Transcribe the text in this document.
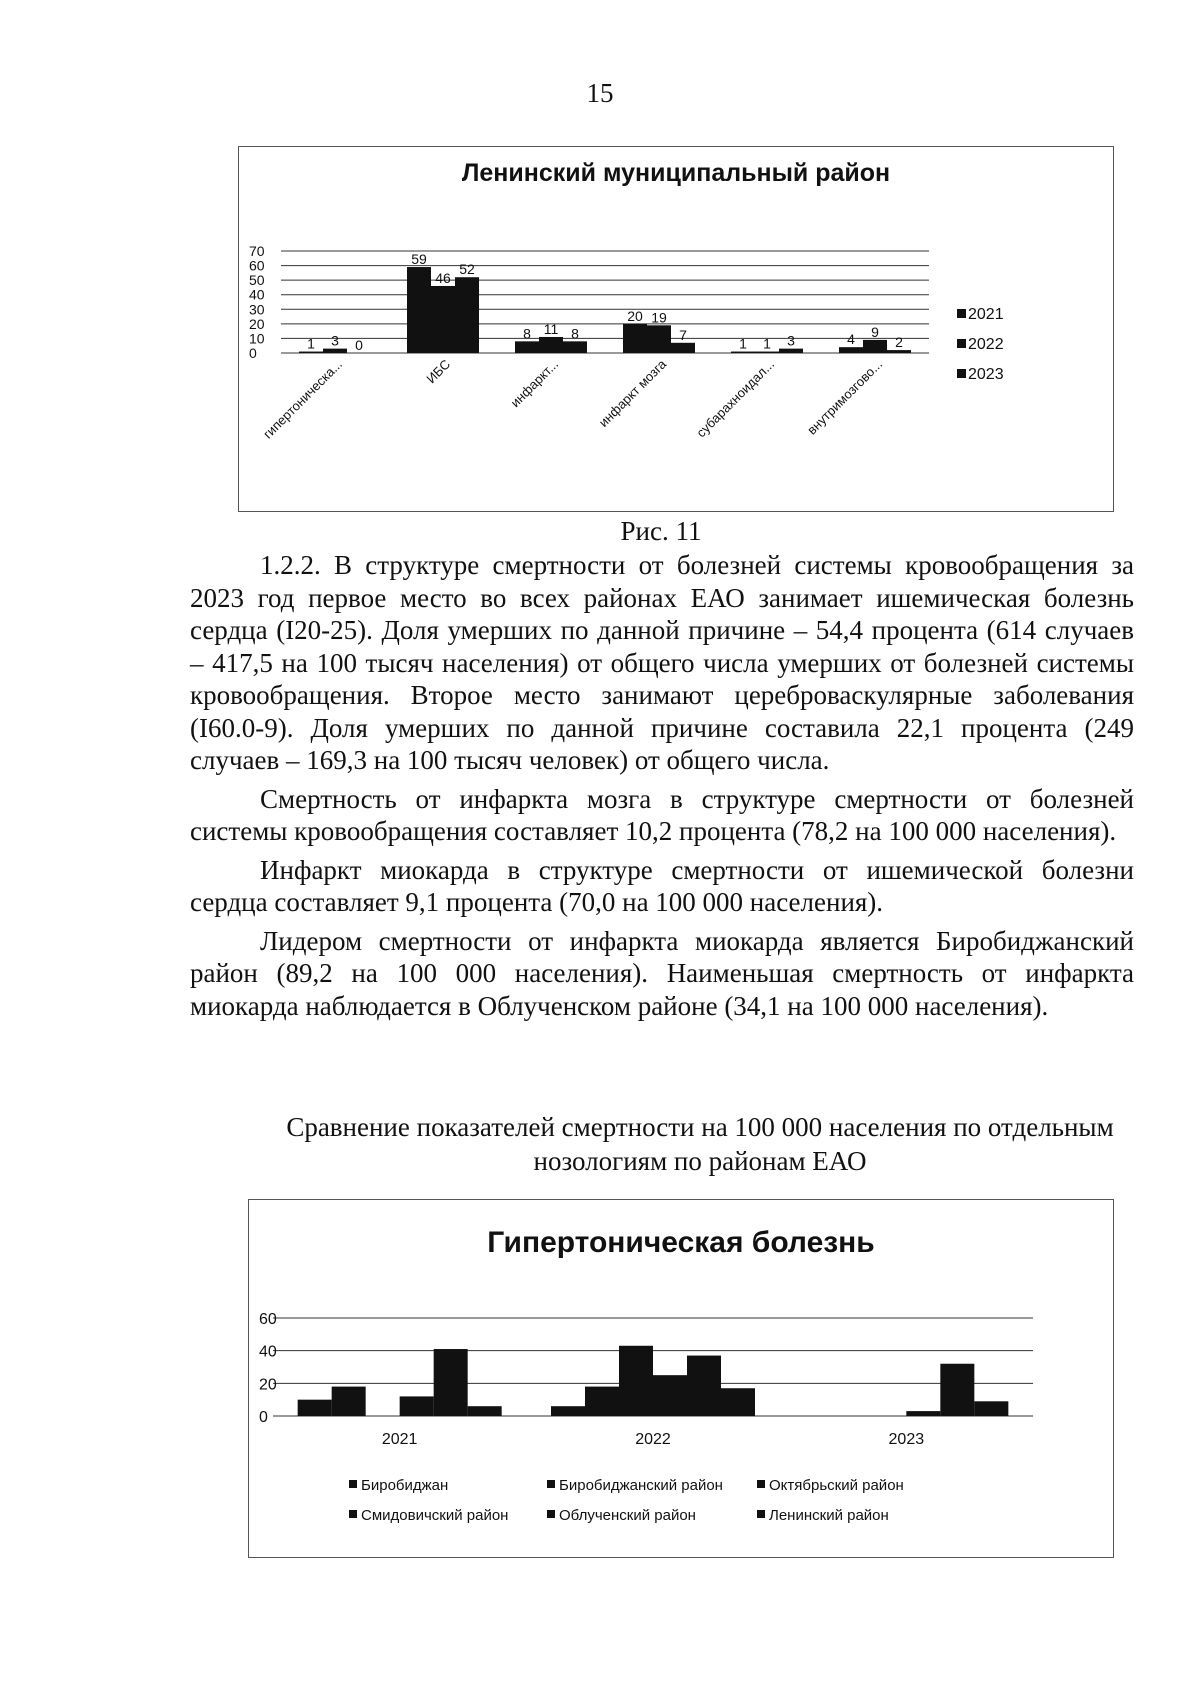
15
Ленинский муниципальный район
0
10
20
30
40
50
60
70
1 3 0
гипертоническа...
59
46
52
ИБС
8 11 8
инфаркт...
20 19
7
инфаркт мозга
1 1 3
субарахноидал...
4 9
2
внутримозгово...
2021
2022
2023
Рис. 11

1.2.2. В структуре смертности от болезней системы кровообращения за 2023 год первое место во всех районах ЕАО занимает ишемическая болезнь сердца (I20-25). Доля умерших по данной причине – 54,4 процента (614 случаев – 417,5 на 100 тысяч населения) от общего числа умерших от болезней системы кровообращения. Второе место занимают цереброваскулярные заболевания (I60.0-9). Доля умерших по данной причине составила 22,1 процента (249 случаев – 169,3 на 100 тысяч человек) от общего числа.

Смертность от инфаркта мозга в структуре смертности от болезней системы кровообращения составляет 10,2 процента (78,2 на 100 000 населения).

Инфаркт миокарда в структуре смертности от ишемической болезни сердца составляет 9,1 процента (70,0 на 100 000 населения).

Лидером смертности от инфаркта миокарда является Биробиджанский район (89,2 на 100 000 населения). Наименьшая смертность от инфаркта миокарда наблюдается в Облученском районе (34,1 на 100 000 населения).

Сравнение показателей смертности на 100 000 населения по отдельным
нозологиям по районам ЕАО
Гипертоническая болезнь
0
20
40
60
2021	2022	2023
Биробиджан	Биробиджанский район	Октябрьский район
Смидовичский район	Облученский район	Ленинский район
